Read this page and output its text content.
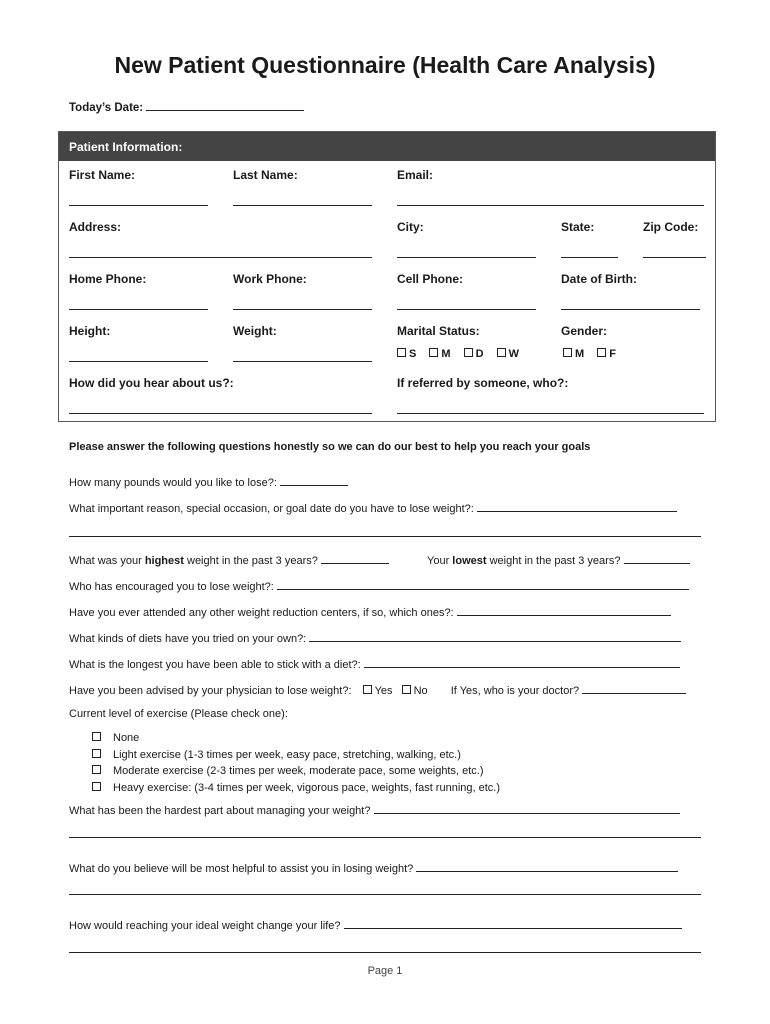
New Patient Questionnaire (Health Care Analysis)
Today’s Date:
Patient Information:
First Name:	Last Name:	Email:
Address:	City:	State:	Zip Code:
Home Phone:	Work Phone:	Cell Phone:	Date of Birth:
Height:	Weight:	Marital Status:	Gender:
S M D W	M F
How did you hear about us?:	If referred by someone, who?:
Please answer the following questions honestly so we can do our best to help you reach your goals
How many pounds would you like to lose?:
What important reason, special occasion, or goal date do you have to lose weight?:
What was your highest weight in the past 3 years?	Your lowest weight in the past 3 years?
Who has encouraged you to lose weight?:
Have you ever attended any other weight reduction centers, if so, which ones?:
What kinds of diets have you tried on your own?:
What is the longest you have been able to stick with a diet?:
Have you been advised by your physician to lose weight?: Yes No If Yes, who is your doctor?
Current level of exercise (Please check one):
None
Light exercise (1-3 times per week, easy pace, stretching, walking, etc.)
Moderate exercise (2-3 times per week, moderate pace, some weights, etc.)
Heavy exercise: (3-4 times per week, vigorous pace, weights, fast running, etc.)
What has been the hardest part about managing your weight?
What do you believe will be most helpful to assist you in losing weight?
How would reaching your ideal weight change your life?
Page 1
